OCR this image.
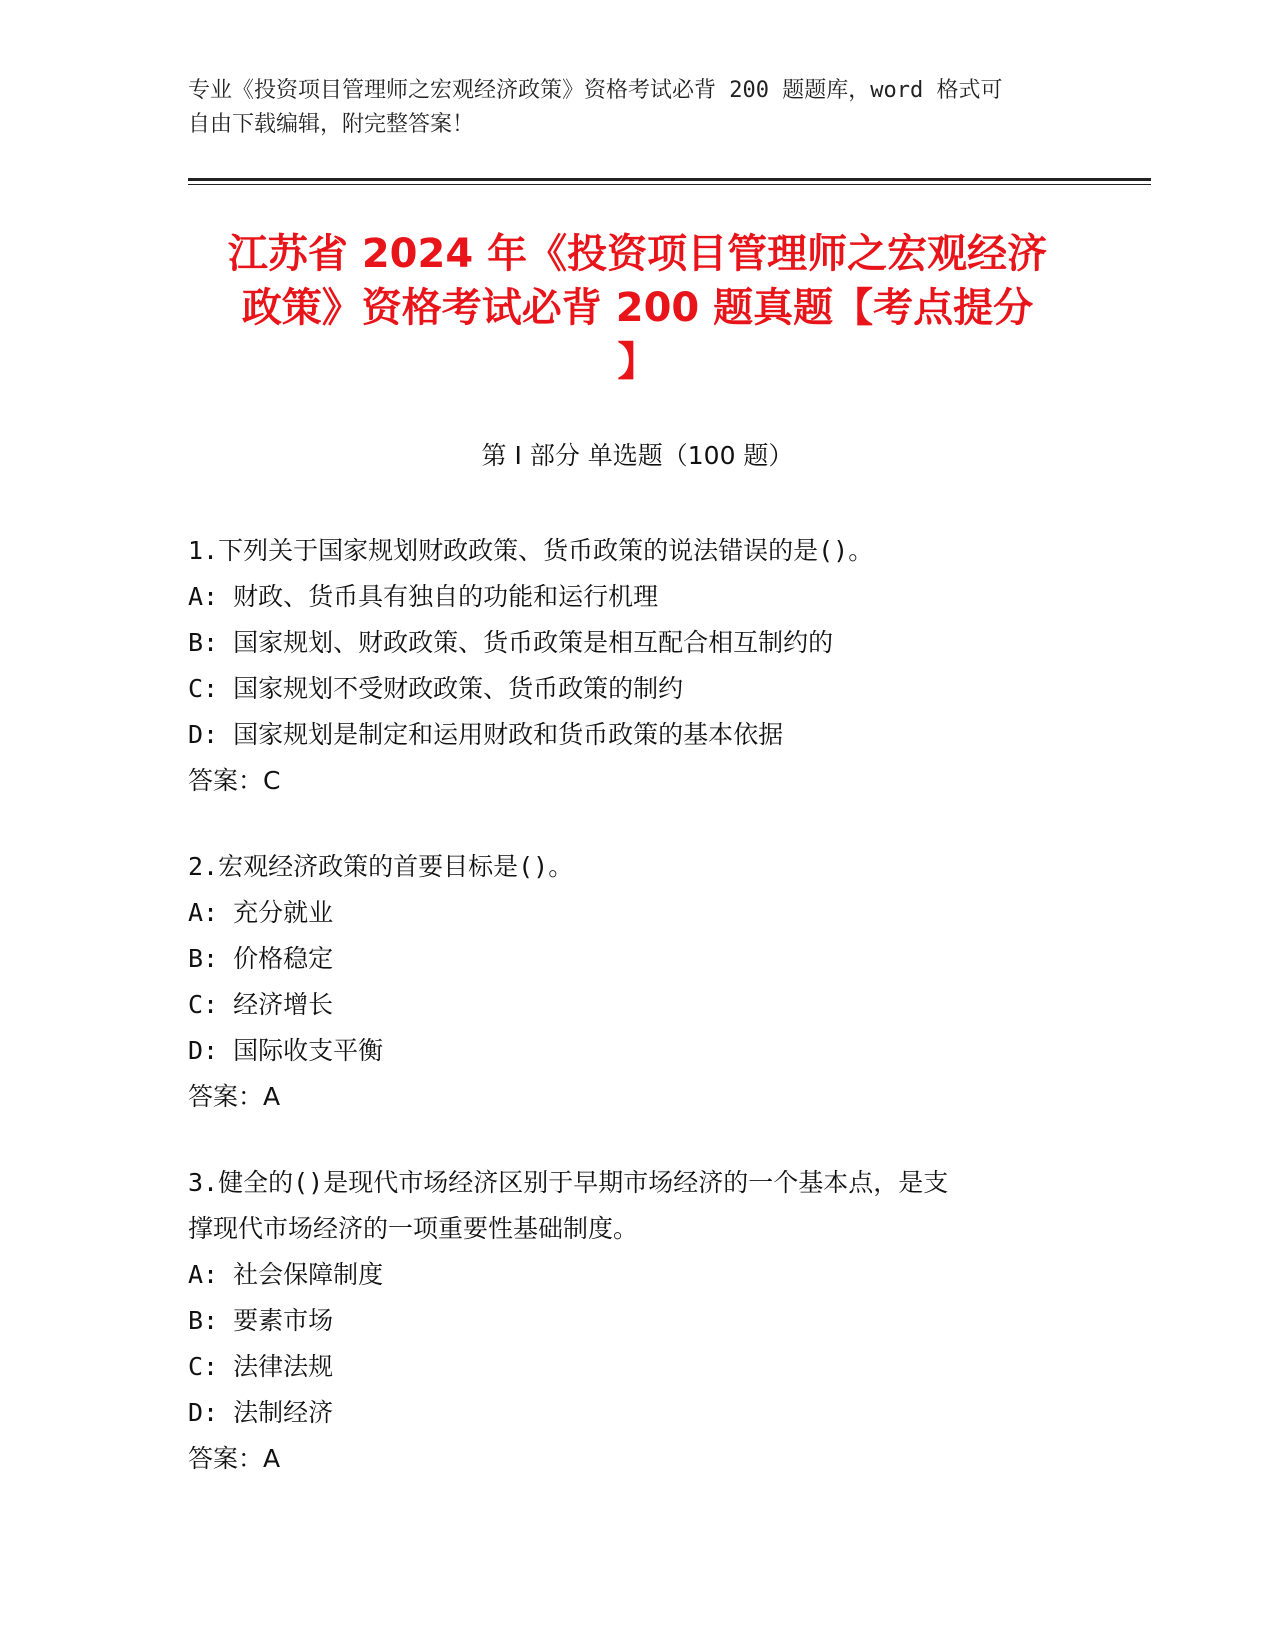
专业《投资项目管理师之宏观经济政策》资格考试必背 200 题题库，word 格式可
自由下载编辑，附完整答案！
江苏省 2024 年《投资项目管理师之宏观经济
政策》资格考试必背 200 题真题【考点提分
】
第 I 部分 单选题（100 题）
1.下列关于国家规划财政政策、货币政策的说法错误的是()。
A: 财政、货币具有独自的功能和运行机理
B: 国家规划、财政政策、货币政策是相互配合相互制约的
C: 国家规划不受财政政策、货币政策的制约
D: 国家规划是制定和运用财政和货币政策的基本依据
答案：C
2.宏观经济政策的首要目标是()。
A: 充分就业
B: 价格稳定
C: 经济增长
D: 国际收支平衡
答案：A
3.健全的()是现代市场经济区别于早期市场经济的一个基本点，是支
撑现代市场经济的一项重要性基础制度。
A: 社会保障制度
B: 要素市场
C: 法律法规
D: 法制经济
答案：A
